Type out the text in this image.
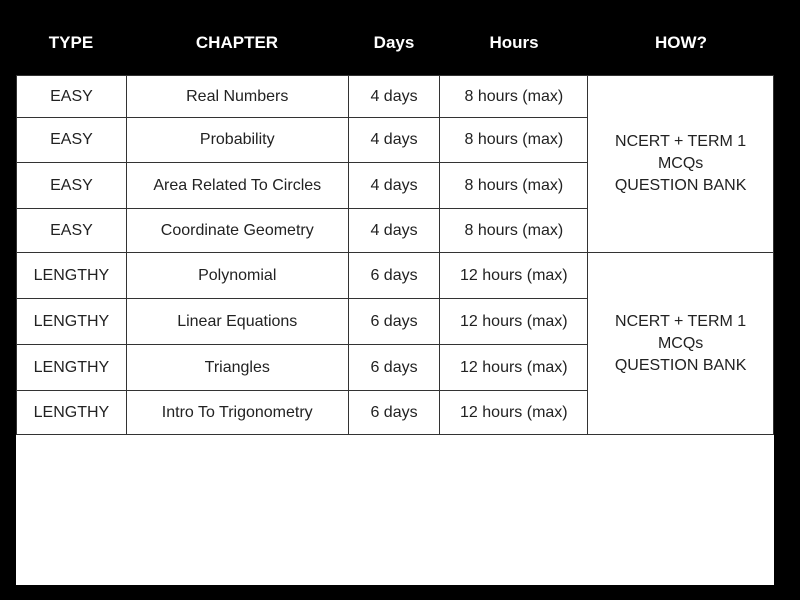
TYPE	CHAPTER	Days	Hours	HOW?
EASY	Real Numbers	4 days	8 hours (max)	NCERT + TERM 1
MCQs
QUESTION BANK

EASY	Probability	4 days	8 hours (max)	
EASY	Area Related To Circles	4 days	8 hours (max)	
EASY	Coordinate Geometry	4 days	8 hours (max)	
LENGTHY	Polynomial	6 days	12 hours (max)	NCERT + TERM 1
MCQs
QUESTION BANK

LENGTHY	Linear Equations	6 days	12 hours (max)	
LENGTHY	Triangles	6 days	12 hours (max)	
LENGTHY	Intro To Trigonometry	6 days	12 hours (max)	
